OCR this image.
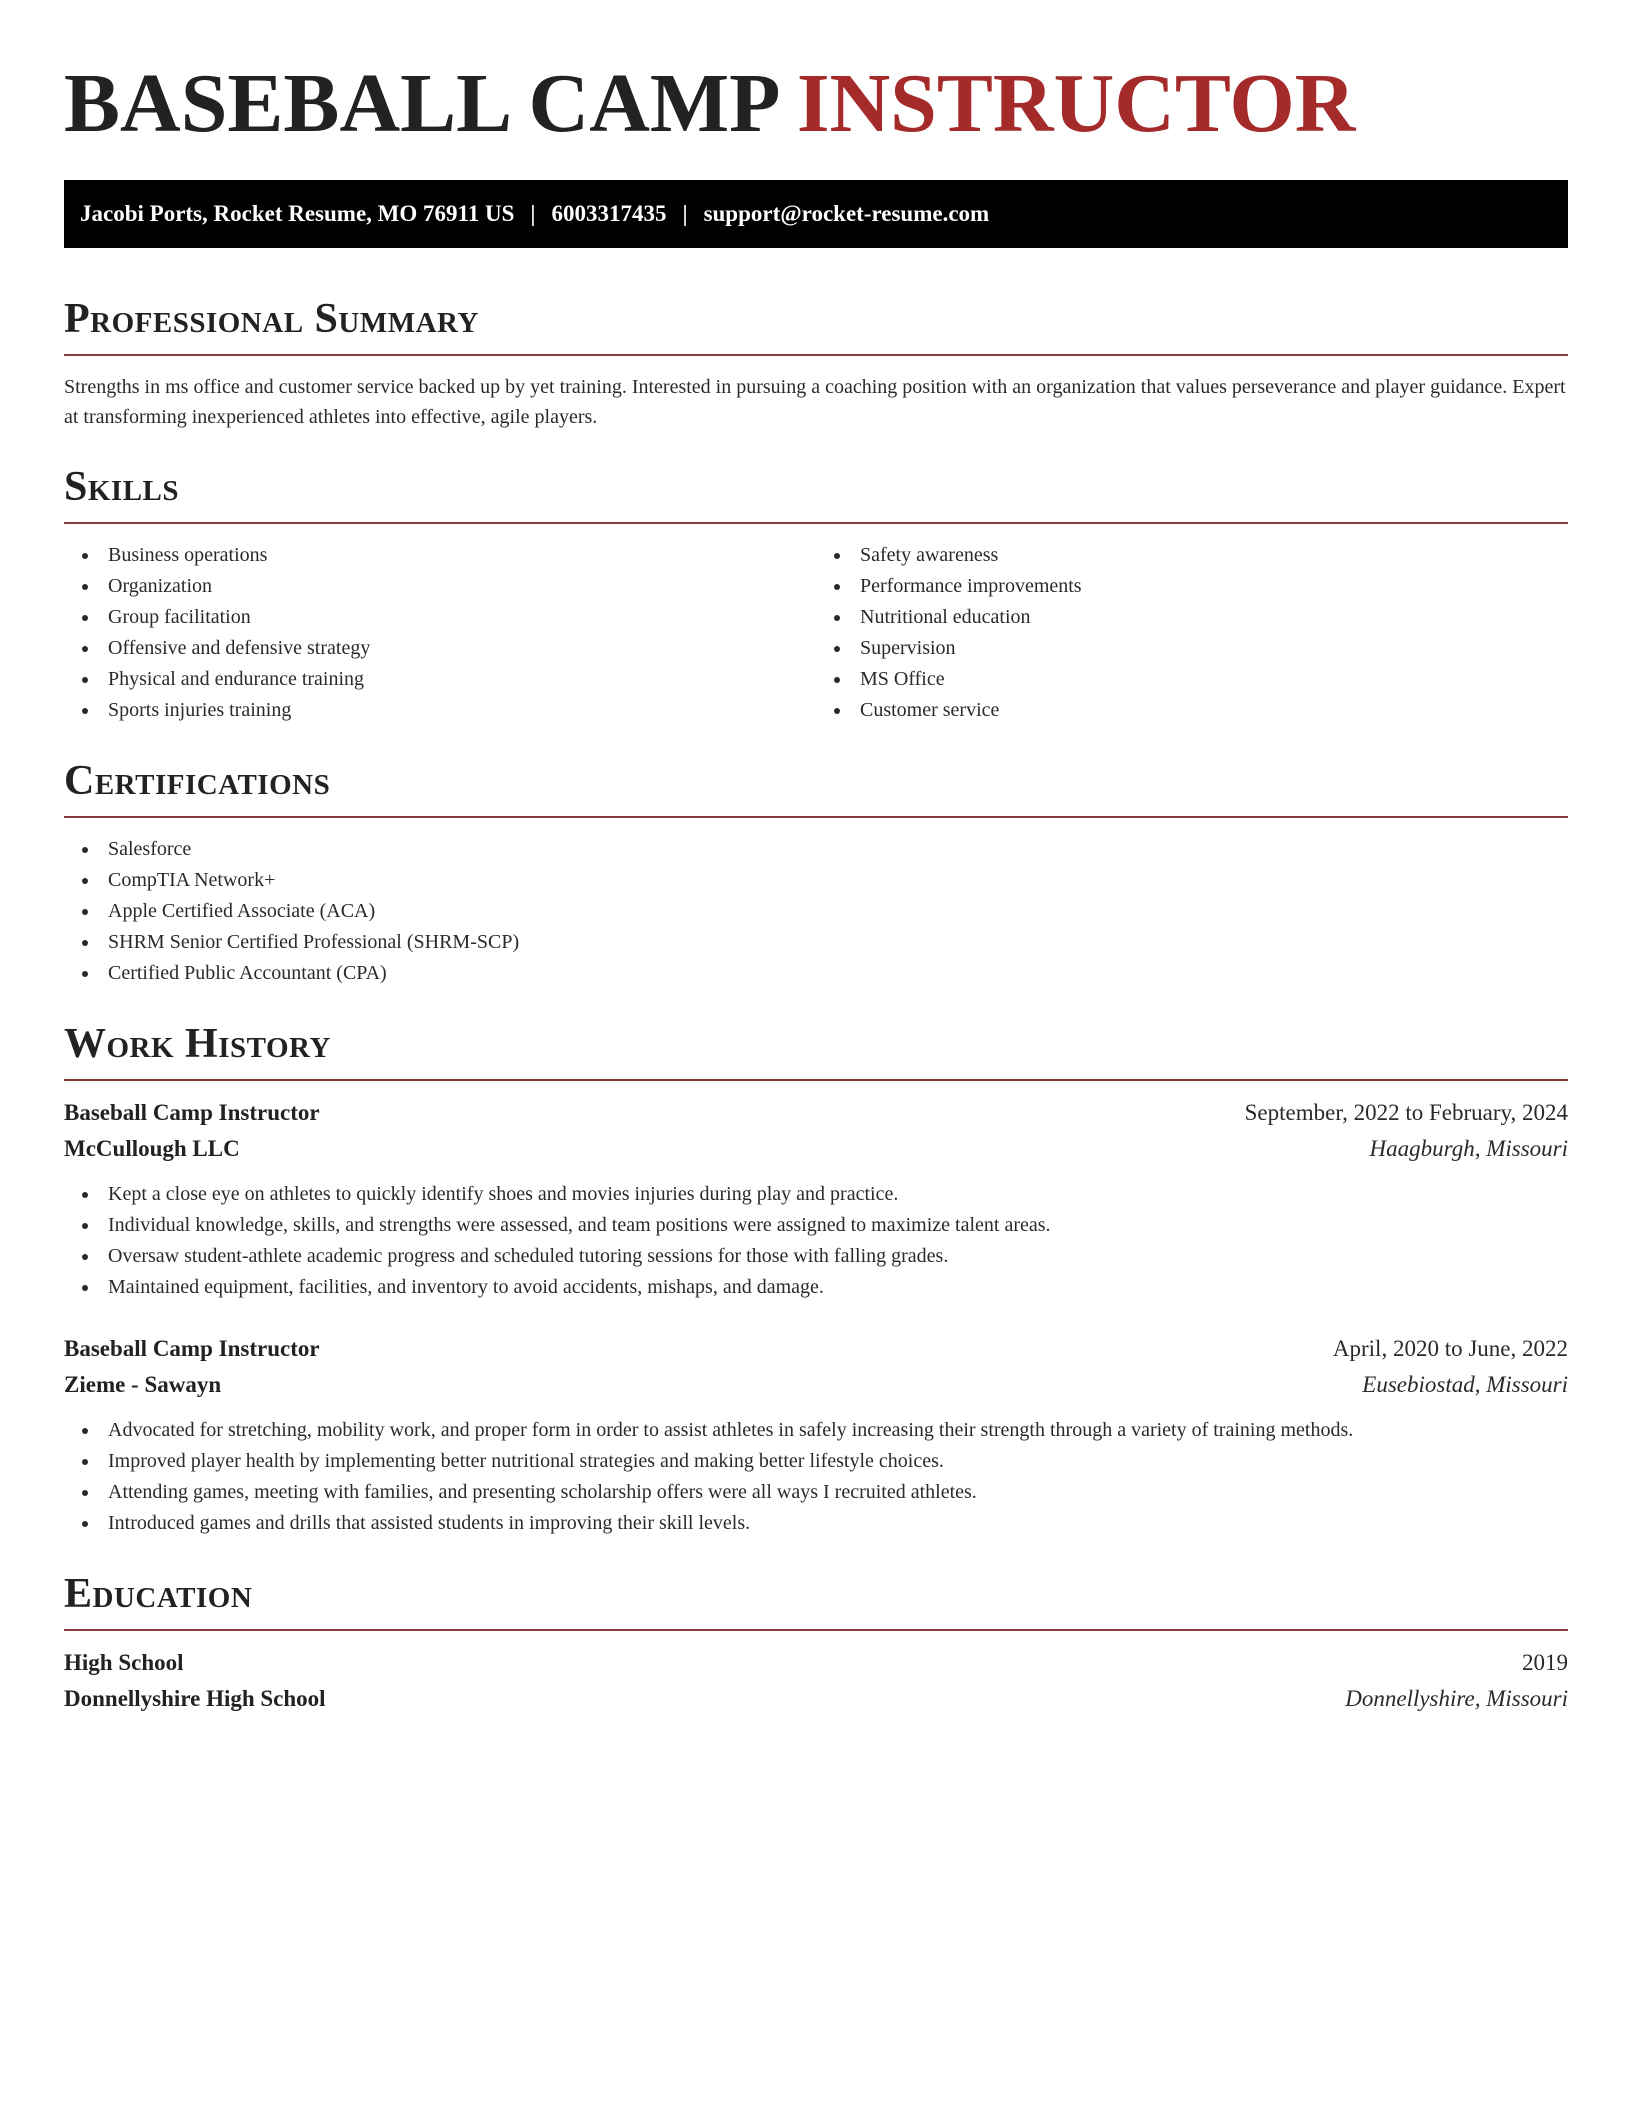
BASEBALL CAMP INSTRUCTOR
Jacobi Ports, Rocket Resume, MO 76911 US | 6003317435 | support@rocket-resume.com
Professional Summary

Strengths in ms office and customer service backed up by yet training. Interested in pursuing a coaching position with an organization that values perseverance and player guidance. Expert at transforming inexperienced athletes into effective, agile players.

Skills
Business operations
Organization
Group facilitation
Offensive and defensive strategy
Physical and endurance training
Sports injuries training
Safety awareness
Performance improvements
Nutritional education
Supervision
MS Office
Customer service
Certifications
Salesforce
CompTIA Network+
Apple Certified Associate (ACA)
SHRM Senior Certified Professional (SHRM-SCP)
Certified Public Accountant (CPA)
Work History
Baseball Camp Instructor	September, 2022 to February, 2024
McCullough LLC	Haagburgh, Missouri
Kept a close eye on athletes to quickly identify shoes and movies injuries during play and practice.
Individual knowledge, skills, and strengths were assessed, and team positions were assigned to maximize talent areas.
Oversaw student-athlete academic progress and scheduled tutoring sessions for those with falling grades.
Maintained equipment, facilities, and inventory to avoid accidents, mishaps, and damage.
Baseball Camp Instructor	April, 2020 to June, 2022
Zieme - Sawayn	Eusebiostad, Missouri
Advocated for stretching, mobility work, and proper form in order to assist athletes in safely increasing their strength through a variety of training methods.
Improved player health by implementing better nutritional strategies and making better lifestyle choices.
Attending games, meeting with families, and presenting scholarship offers were all ways I recruited athletes.
Introduced games and drills that assisted students in improving their skill levels.
Education
High School	2019
Donnellyshire High School	Donnellyshire, Missouri
